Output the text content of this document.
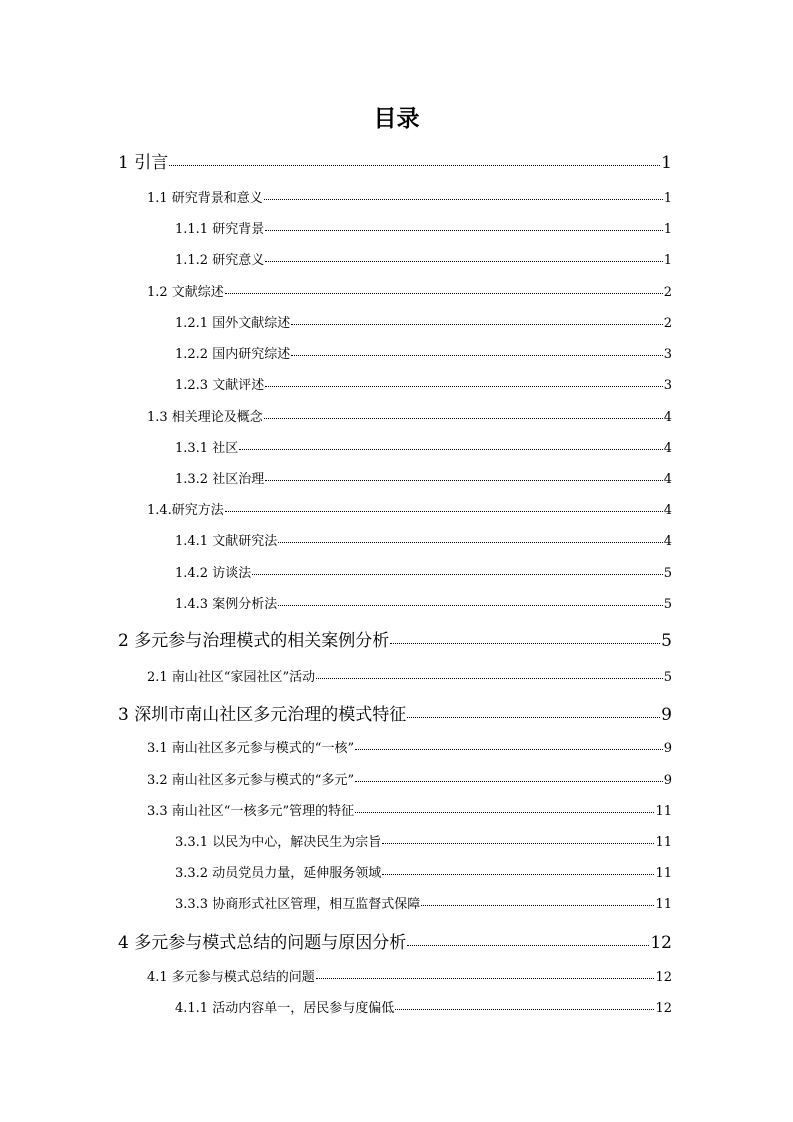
目录
1 引言	1
1.1 研究背景和意义	1
1.1.1 研究背景	1
1.1.2 研究意义	1
1.2 文献综述	2
1.2.1 国外文献综述	2
1.2.2 国内研究综述	3
1.2.3 文献评述	3
1.3 相关理论及概念	4
1.3.1 社区	4
1.3.2 社区治理	4
1.4.研究方法	4
1.4.1 文献研究法	4
1.4.2 访谈法	5
1.4.3 案例分析法	5
2 多元参与治理模式的相关案例分析	5
2.1 南山社区“家园社区”活动	5
3 深圳市南山社区多元治理的模式特征	9
3.1 南山社区多元参与模式的“一核”	9
3.2 南山社区多元参与模式的“多元”	9
3.3 南山社区“一核多元”管理的特征	11
3.3.1 以民为中心，解决民生为宗旨	11
3.3.2 动员党员力量，延伸服务领域	11
3.3.3 协商形式社区管理，相互监督式保障	11
4 多元参与模式总结的问题与原因分析	12
4.1 多元参与模式总结的问题	12
4.1.1 活动内容单一，居民参与度偏低	12
